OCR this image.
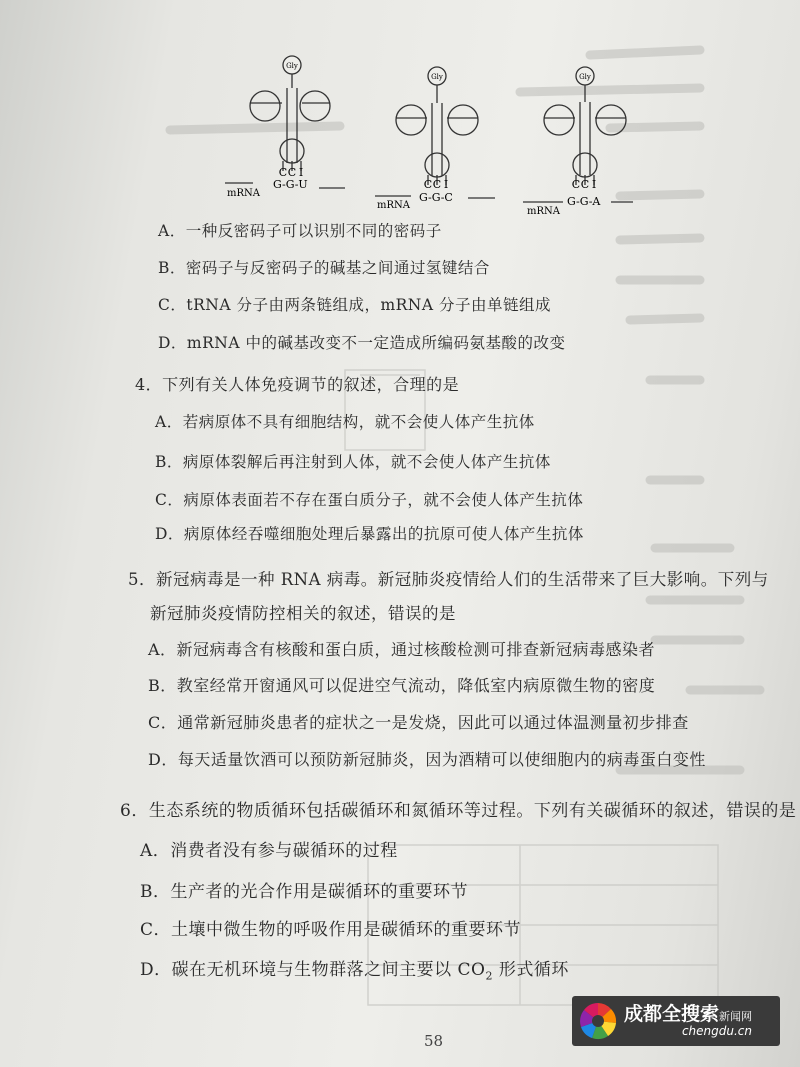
Gly
C C I
G-G-U
mRNA
Gly
C C I
G-G-C
mRNA
Gly
C C I
G-G-A
mRNA
A．一种反密码子可以识别不同的密码子
B．密码子与反密码子的碱基之间通过氢键结合
C．tRNA 分子由两条链组成，mRNA 分子由单链组成
D．mRNA 中的碱基改变不一定造成所编码氨基酸的改变
4．下列有关人体免疫调节的叙述，合理的是
A．若病原体不具有细胞结构，就不会使人体产生抗体
B．病原体裂解后再注射到人体，就不会使人体产生抗体
C．病原体表面若不存在蛋白质分子，就不会使人体产生抗体
D．病原体经吞噬细胞处理后暴露出的抗原可使人体产生抗体
5．新冠病毒是一种 RNA 病毒。新冠肺炎疫情给人们的生活带来了巨大影响。下列与
新冠肺炎疫情防控相关的叙述，错误的是
A．新冠病毒含有核酸和蛋白质，通过核酸检测可排查新冠病毒感染者
B．教室经常开窗通风可以促进空气流动，降低室内病原微生物的密度
C．通常新冠肺炎患者的症状之一是发烧，因此可以通过体温测量初步排查
D．每天适量饮酒可以预防新冠肺炎，因为酒精可以使细胞内的病毒蛋白变性
6．生态系统的物质循环包括碳循环和氮循环等过程。下列有关碳循环的叙述，错误的是
A．消费者没有参与碳循环的过程
B．生产者的光合作用是碳循环的重要环节
C．土壤中微生物的呼吸作用是碳循环的重要环节
D．碳在无机环境与生物群落之间主要以 $CO_2$ 形式循环
58
成都全搜索新闻网
chengdu.cn
